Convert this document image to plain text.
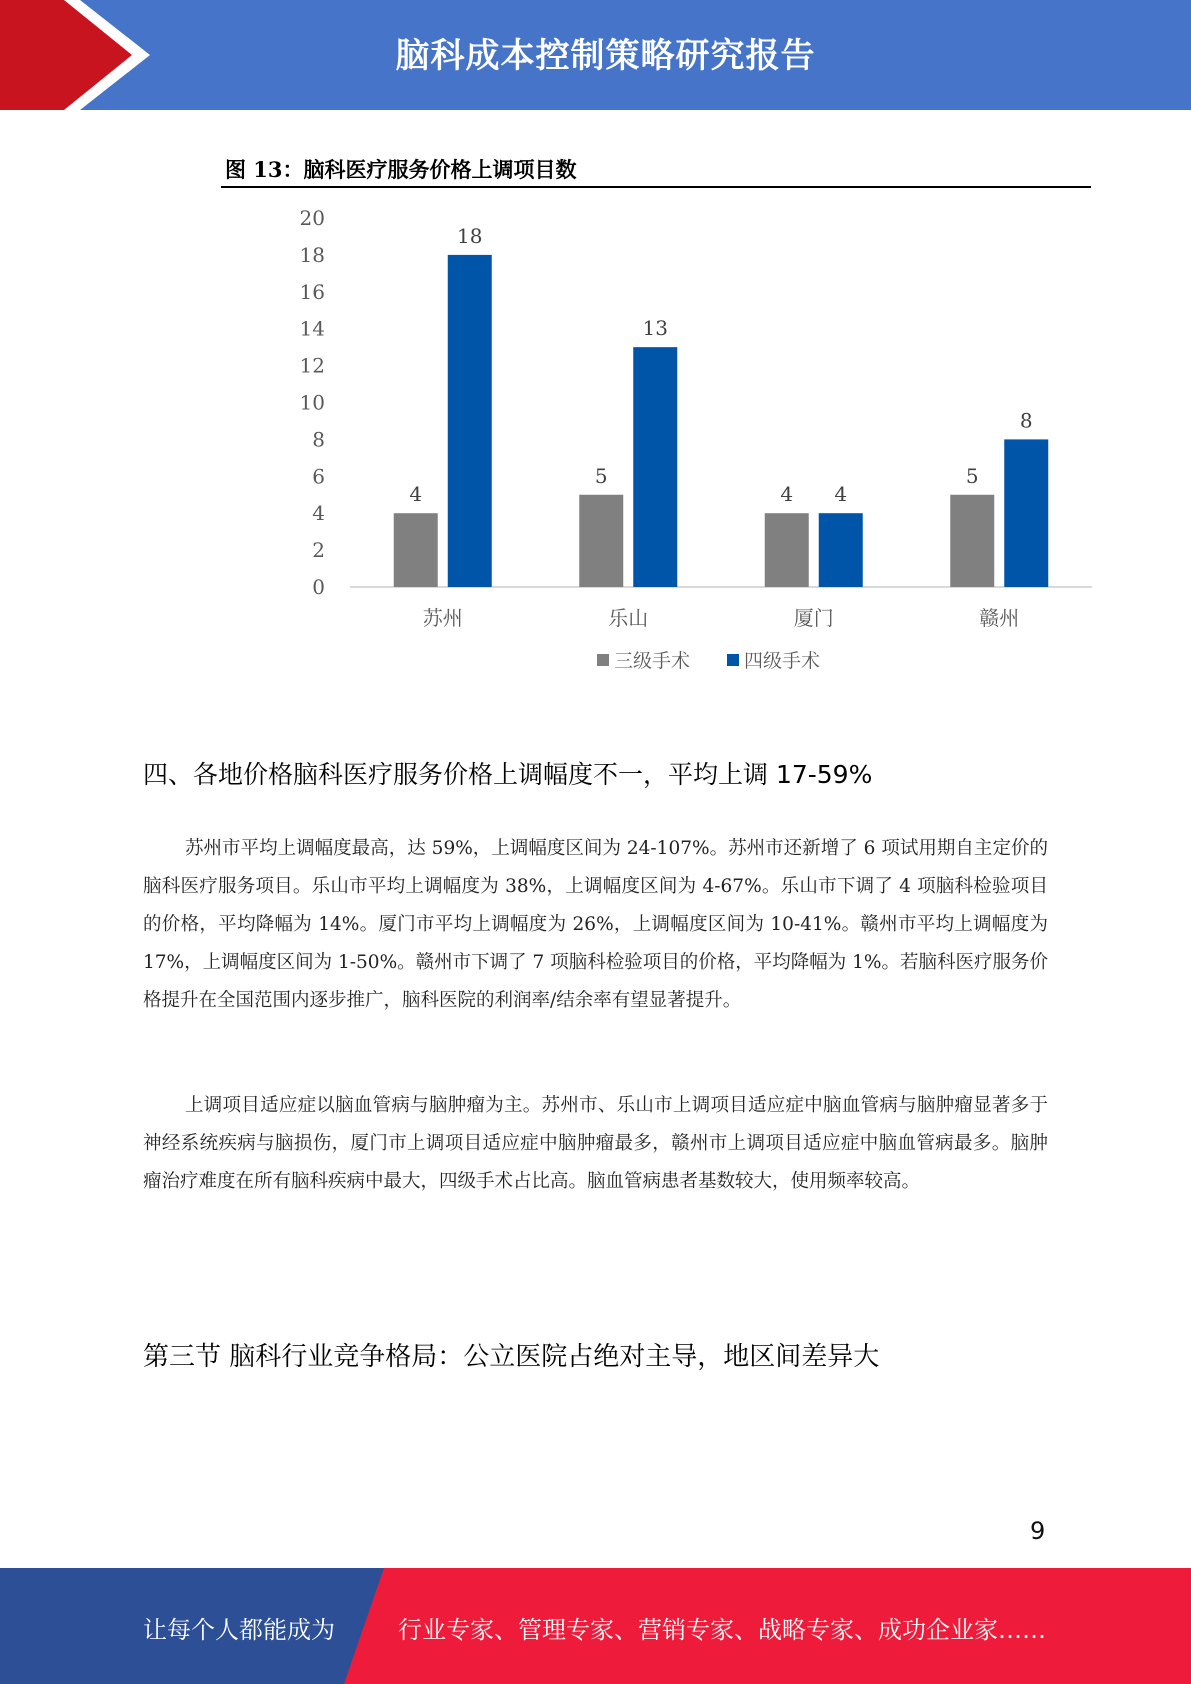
脑科成本控制策略研究报告
图 13：脑科医疗服务价格上调项目数
0
2
4
6
8
10
12
14
16
18
20
4
18
苏州
5
13
乐山
4 4
厦门
5
8
赣州
三级手术	四级手术
四、各地价格脑科医疗服务价格上调幅度不一，平均上调 17-59%

苏州市平均上调幅度最高，达 59%，上调幅度区间为 24-107%。苏州市还新增了 6 项试用期自主定价的脑科医疗服务项目。乐山市平均上调幅度为 38%，上调幅度区间为 4-67%。乐山市下调了 4 项脑科检验项目的价格，平均降幅为 14%。厦门市平均上调幅度为 26%，上调幅度区间为 10-41%。赣州市平均上调幅度为 17%，上调幅度区间为 1-50%。赣州市下调了 7 项脑科检验项目的价格，平均降幅为 1%。若脑科医疗服务价格提升在全国范围内逐步推广，脑科医院的利润率/结余率有望显著提升。

上调项目适应症以脑血管病与脑肿瘤为主。苏州市、乐山市上调项目适应症中脑血管病与脑肿瘤显著多于神经系统疾病与脑损伤，厦门市上调项目适应症中脑肿瘤最多，赣州市上调项目适应症中脑血管病最多。脑肿瘤治疗难度在所有脑科疾病中最大，四级手术占比高。脑血管病患者基数较大，使用频率较高。

第三节 脑科行业竞争格局：公立医院占绝对主导，地区间差异大
9
让每个人都能成为	行业专家、管理专家、营销专家、战略专家、成功企业家……
